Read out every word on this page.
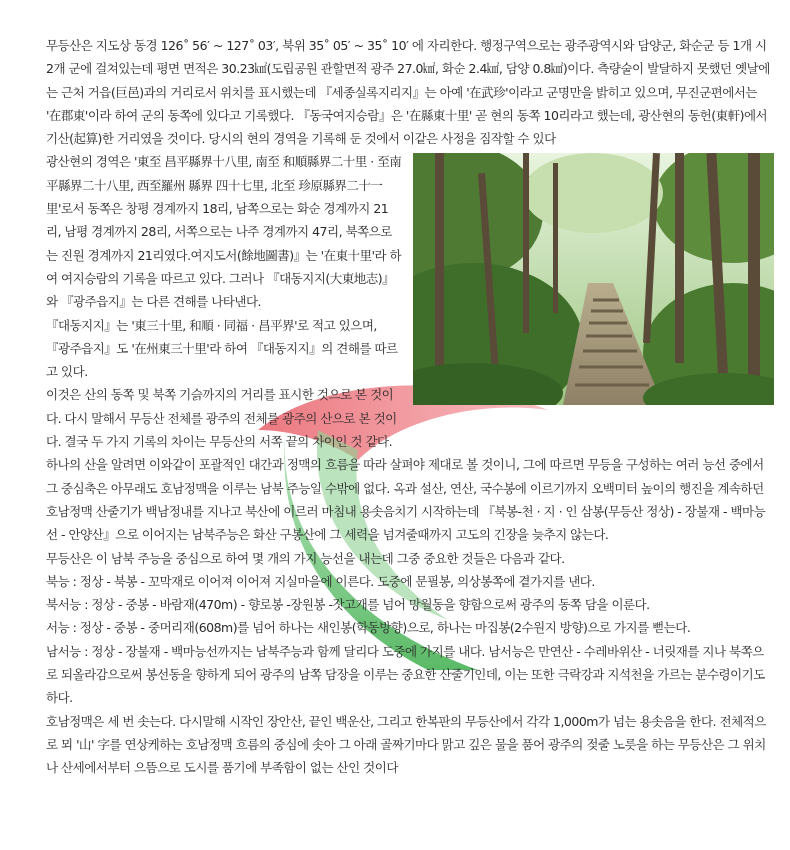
무등산은 지도상 동경 126˚ 56′ ~ 127˚ 03′, 북위 35˚ 05′ ~ 35˚ 10′ 에 자리한다. 행정구역으로는 광주광역시와 담양군, 화순군 등 1개 시 2개 군에 걸쳐있는데 평면 면적은 30.23㎢(도립공원 관할면적 광주 27.0㎢, 화순 2.4㎢, 담양 0.8㎢)이다. 측량술이 발달하지 못했던 옛날에는 근처 거읍(巨邑)과의 거리로서 위치를 표시했는데 『세종실록지리지』는 아예 '在武珍'이라고 군명만을 밝히고 있으며, 무진군편에서는 '在郡東'이라 하여 군의 동쪽에 있다고 기록했다. 『동국여지승람』은 '在縣東十里' 곧 현의 동쪽 10리라고 했는데, 광산현의 동헌(東軒)에서 기산(起算)한 거리였을 것이다. 당시의 현의 경역을 기록해 둔 것에서 이같은 사정을 짐작할 수 있다

광산현의 경역은 '東至 昌平縣界十八里, 南至 和順縣界二十里 · 至南平縣界二十八里, 西至羅州 縣界 四十七里, 北至 珍原縣界二十一里'로서 동쪽은 창평 경계까지 18리, 남쪽으로는 화순 경계까지 21리, 남평 경계까지 28리, 서쪽으로는 나주 경계까지 47리, 북쪽으로는 진원 경계까지 21리였다.여지도서(餘地圖書)』는 '在東十里'라 하여 여지승람의 기록을 따르고 있다. 그러나 『대동지지(大東地志)』와 『광주읍지』는 다른 견해를 나타낸다.

『대동지지』는 '東三十里, 和順 · 同福 · 昌平界'로 적고 있으며, 『광주읍지』도 '在州東三十里'라 하여 『대동지지』의 견해를 따르고 있다.

이것은 산의 동쪽 및 북쪽 기슭까지의 거리를 표시한 것으로 본 것이다. 다시 말해서 무등산 전체를 광주의 전체를 광주의 산으로 본 것이다. 결국 두 가지 기록의 차이는 무등산의 서쪽 끝의 차이인 것 같다.

하나의 산을 알려면 이와같이 포괄적인 대간과 정맥의 흐름을 따라 살펴야 제대로 볼 것이니, 그에 따르면 무등을 구성하는 여러 능선 중에서 그 중심축은 아무래도 호남정맥을 이루는 남북 주능일 수밖에 없다. 옥과 설산, 연산, 국수봉에 이르기까지 오백미터 높이의 행진을 계속하던 호남정맥 산줄기가 백남정내를 지나고 북산에 이르러 마침내 용솟음치기 시작하는데 『북봉-천 · 지 · 인 삼봉(무등산 정상) - 장불재 - 백마능선 - 안양산』으로 이어지는 남북주능은 화산 구봉산에 그 세력을 넘겨줄때까지 고도의 긴장을 늦추지 않는다.

무등산은 이 남북 주능을 중심으로 하여 몇 개의 가지 능선을 내는데 그중 중요한 것들은 다음과 같다.

북능 : 정상 - 북봉 - 꼬막재로 이어져 이어져 지실마을에 이른다. 도중에 문필봉, 의상봉쪽에 곁가지를 낸다.

북서능 : 정상 - 중봉 - 바람재(470m) - 향로봉 -장원봉 -잣고개를 넘어 망월동을 향함으로써 광주의 동쪽 담을 이룬다.

서능 : 정상 - 중봉 - 중머리재(608m)를 넘어 하나는 새인봉(학동방향)으로, 하나는 마집봉(2수원지 방향)으로 가지를 뻗는다.

남서능 : 정상 - 장불재 - 백마능선까지는 남북주능과 함께 달리다 도중에 가지를 내다. 남서능은 만연산 - 수레바위산 - 너릿재를 지나 북쪽으로 되올라감으로써 봉선동을 향하게 되어 광주의 남쪽 담장을 이루는 중요한 산줄기인데, 이는 또한 극락강과 지석천을 가르는 분수령이기도 하다.

호남정맥은 세 번 솟는다. 다시말해 시작인 장안산, 끝인 백운산, 그리고 한복판의 무등산에서 각각 1,000m가 넘는 용솟음을 한다. 전체적으로 뫼 '山' 字를 연상케하는 호남정맥 흐름의 중심에 솟아 그 아래 골짜기마다 맑고 깊은 물을 품어 광주의 젖줄 노릇을 하는 무등산은 그 위치나 산세에서부터 으뜸으로 도시를 품기에 부족함이 없는 산인 것이다
